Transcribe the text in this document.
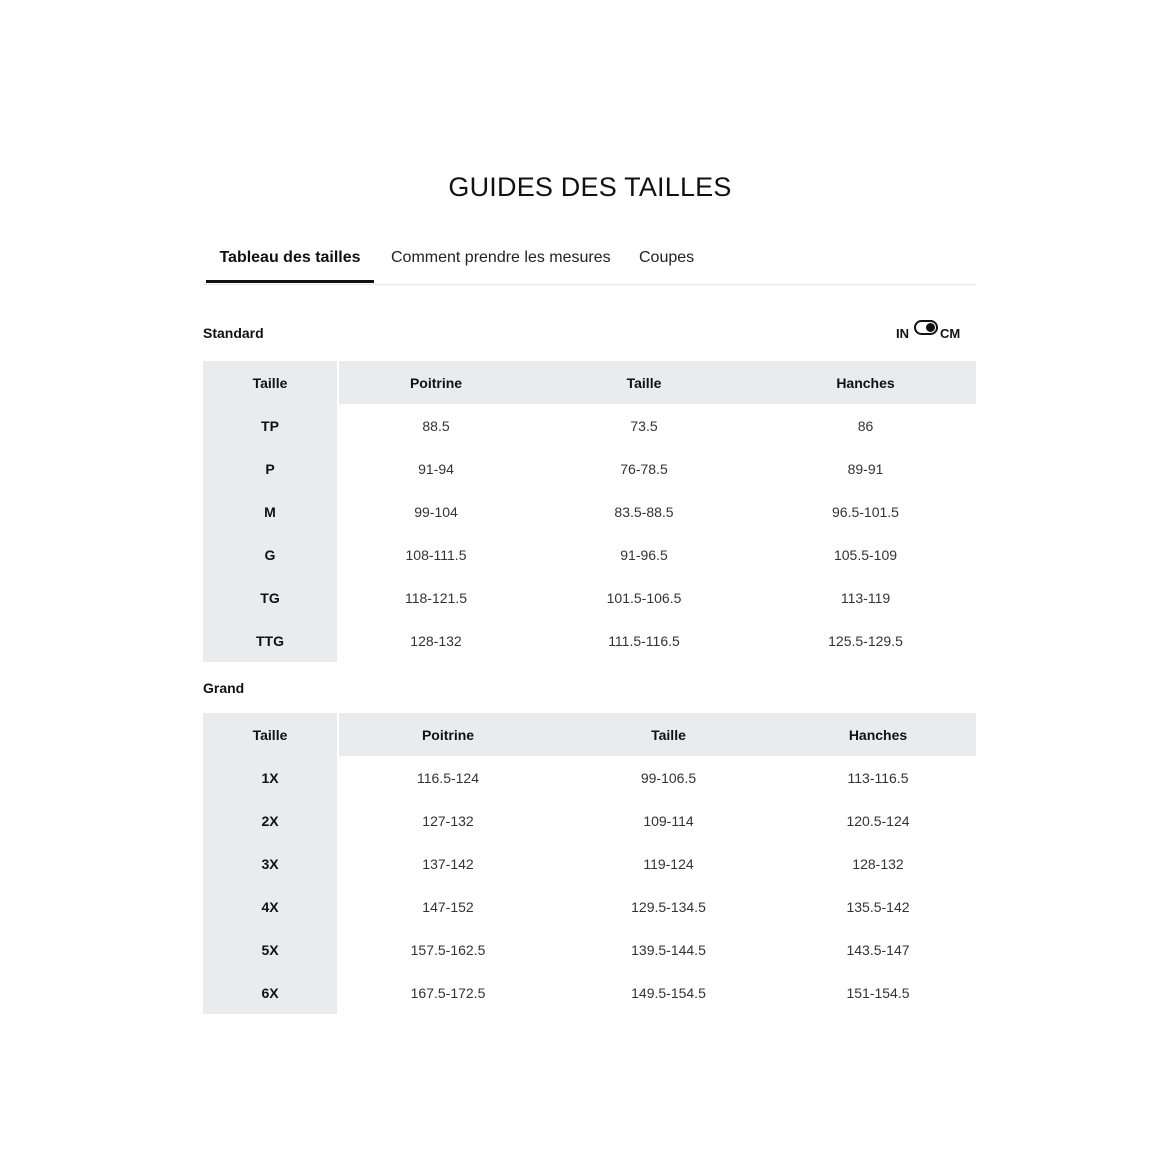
GUIDES DES TAILLES
Tableau des tailles	Comment prendre les mesures Coupes
Standard	IN CM
Taille	Poitrine	Taille	Hanches
TP	88.5	73.5	86
P	91-94	76-78.5	89-91
M	99-104	83.5-88.5	96.5-101.5
G	108-111.5	91-96.5	105.5-109
TG	118-121.5	101.5-106.5	113-119
TTG	128-132	111.5-116.5	125.5-129.5
Grand
Taille	Poitrine	Taille	Hanches
1X	116.5-124	99-106.5	113-116.5
2X	127-132	109-114	120.5-124
3X	137-142	119-124	128-132
4X	147-152	129.5-134.5	135.5-142
5X	157.5-162.5	139.5-144.5	143.5-147
6X	167.5-172.5	149.5-154.5	151-154.5
